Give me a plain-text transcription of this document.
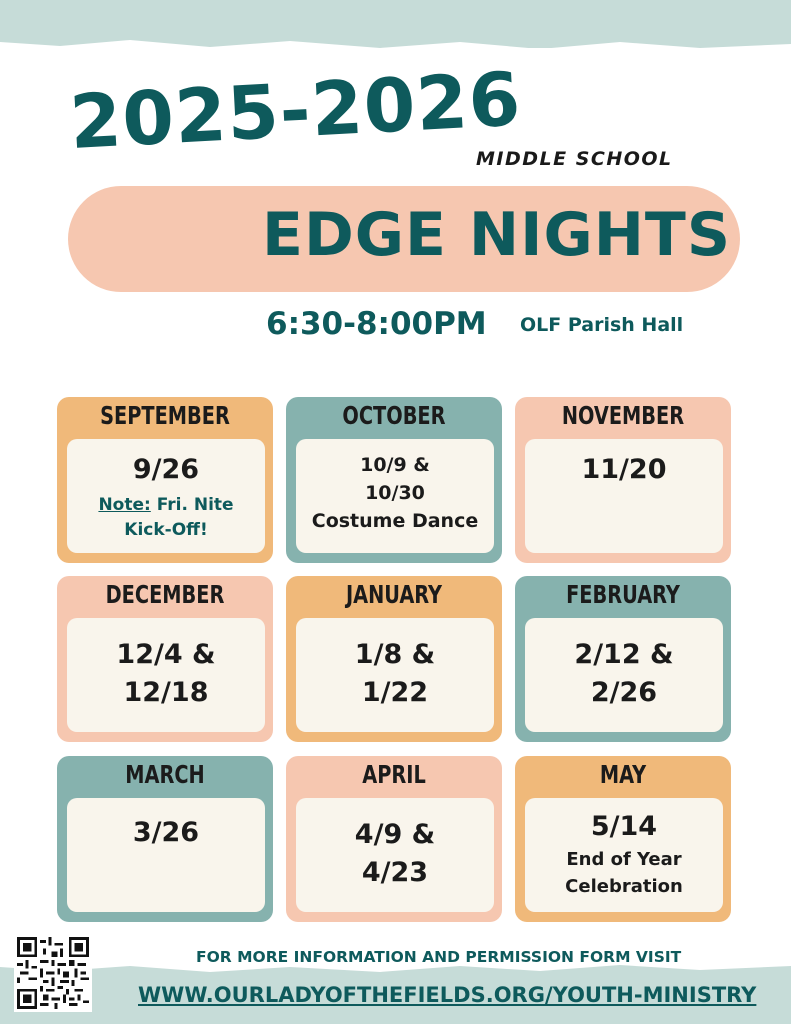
2025-2026
MIDDLE SCHOOL
EDGE NIGHTS
6:30-8:00PM OLF Parish Hall
SEPTEMBER
9/26
Note: Fri. Nite
Kick-Off!
OCTOBER
10/9 &
10/30
Costume Dance
NOVEMBER
11/20
DECEMBER
12/4 &
12/18
JANUARY
1/8 &
1/22
FEBRUARY
2/12 &
2/26
MARCH
3/26
APRIL
4/9 &
4/23
MAY
5/14
End of Year
Celebration
FOR MORE INFORMATION AND PERMISSION FORM VISIT
WWW.OURLADYOFTHEFIELDS.ORG/YOUTH-MINISTRY
